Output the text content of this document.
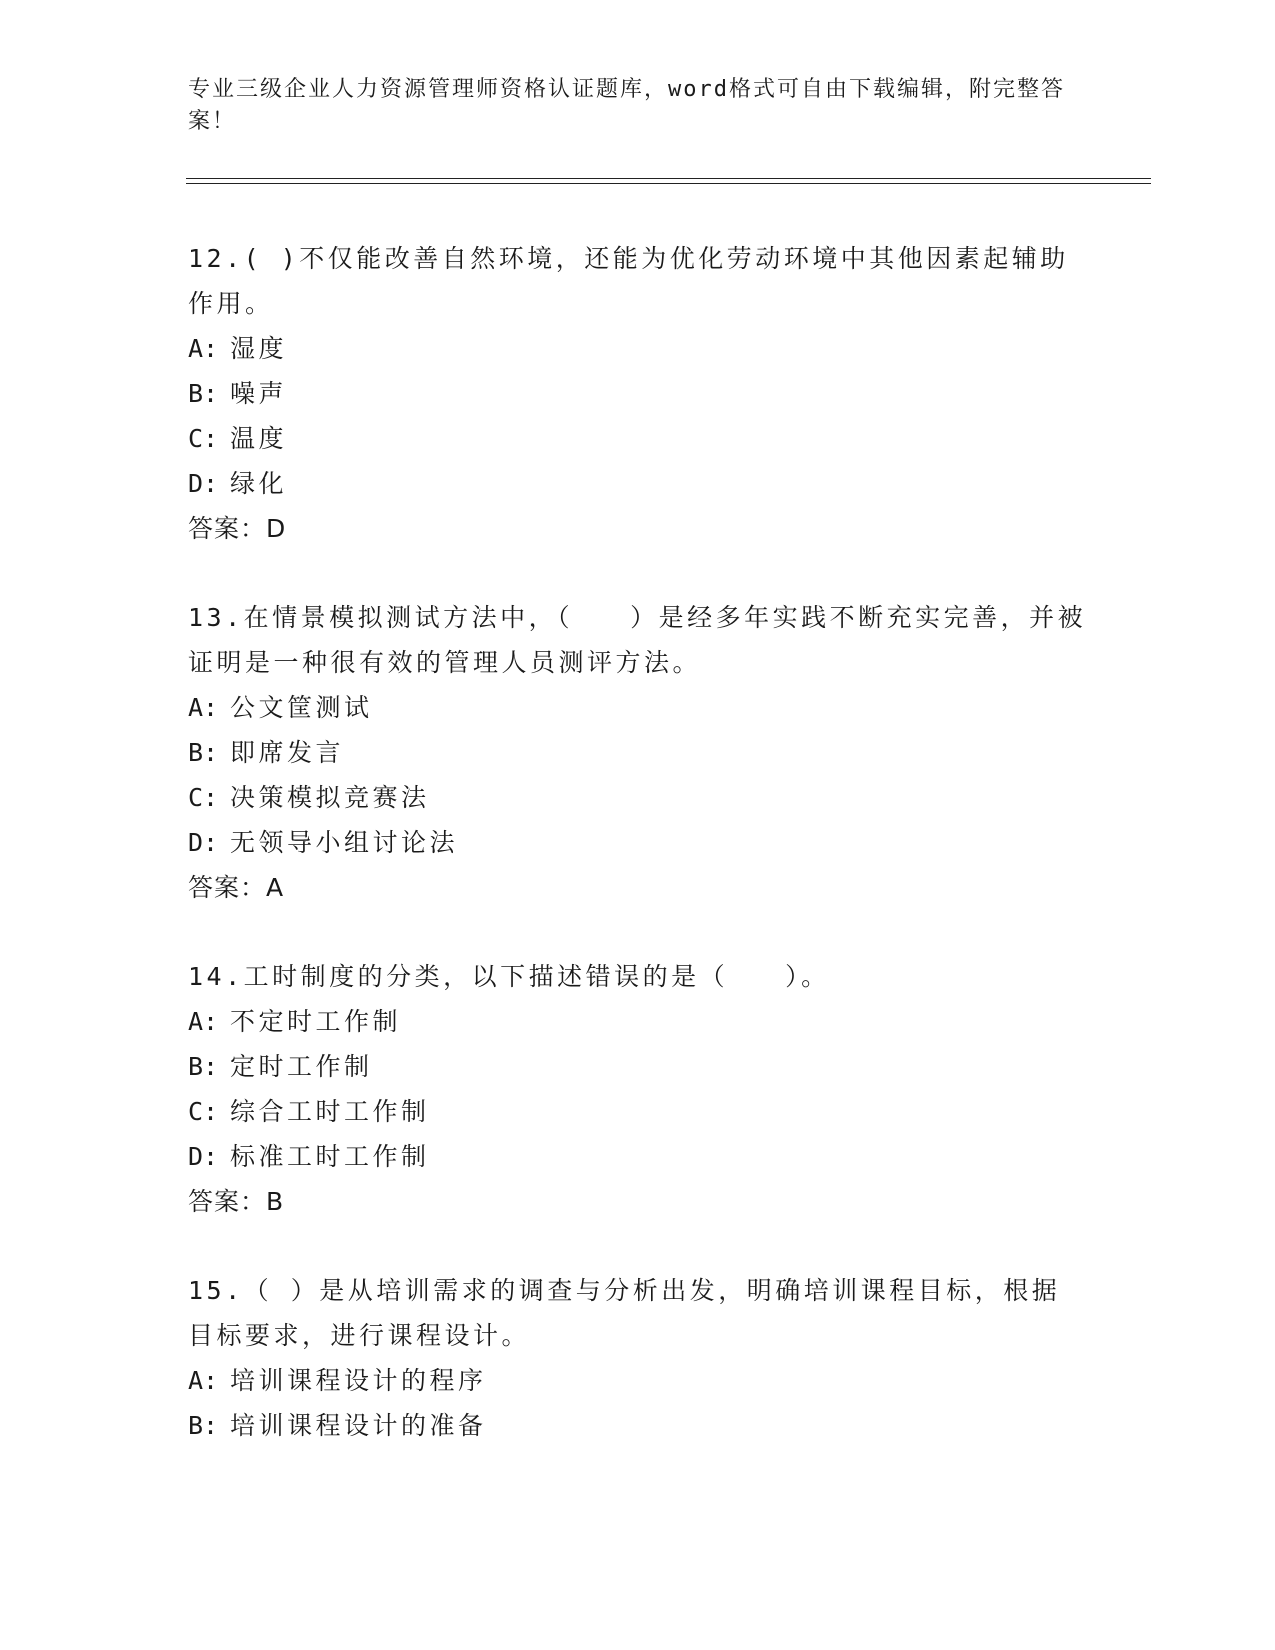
专业三级企业人力资源管理师资格认证题库，word格式可自由下载编辑，附完整答案！

12.( )不仅能改善自然环境，还能为优化劳动环境中其他因素起辅助作用。

A: 湿度

B: 噪声

C: 温度

D: 绿化

答案：D

13.在情景模拟测试方法中，（　　）是经多年实践不断充实完善，并被证明是一种很有效的管理人员测评方法。

A: 公文筐测试

B: 即席发言

C: 决策模拟竞赛法

D: 无领导小组讨论法

答案：A

14.工时制度的分类，以下描述错误的是（　　）。

A: 不定时工作制

B: 定时工作制

C: 综合工时工作制

D: 标准工时工作制

答案：B

15.（ ）是从培训需求的调查与分析出发，明确培训课程目标，根据目标要求，进行课程设计。

A: 培训课程设计的程序

B: 培训课程设计的准备
